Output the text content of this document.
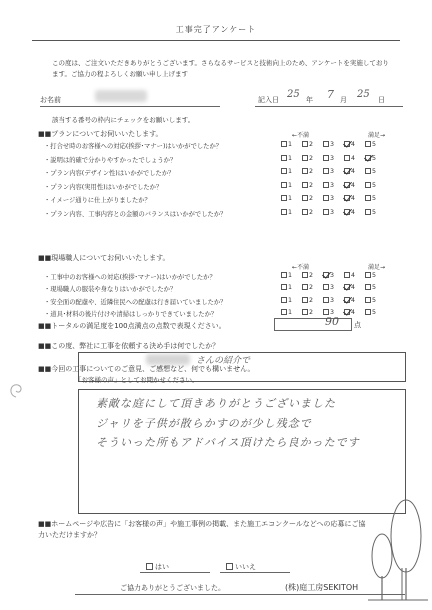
工事完了アンケート
この度は、ご注文いただきありがとうございます。さらなるサービスと技術向上のため、アンケートを実施しております。ご協力の程よろしくお願い申し上げます
お名前	記入日 25 年 7 月 25 日
該当する番号の枠内にチェックをお願いします。
■■プランについてお伺いいたします。	←不満	満足→
・打合せ時のお客様への対応(挨拶･マナー)はいかがでしたか？	1	2	3	4	5
・説明は的確で分かりやすかったでしょうか？	1	2	3	4	5
・プラン内容(デザイン性)はいかがでしたか？	1	2	3	4	5
・プラン内容(実用性)はいかがでしたか？	1	2	3	4	5
・イメージ通りに仕上がりましたか？	1	2	3	4	5
・プラン内容、工事内容との金額のバランスはいかがでしたか？	1	2	3	4	5
■■現場職人についてお伺いいたします。
←不満	満足→
・工事中のお客様への対応(挨拶･マナー)はいかがでしたか？	1	2	3	4	5
・現場職人の服装や身なりはいかがでしたか？	1	2	3	4	5
・安全面の配慮や、近隣住民への配慮は行き届いていましたか？	1	2	3	4	5
・道具･材料の後片付けや清掃はしっかりできていましたか？	1	2	3	4	5
■■トータルの満足度を100点満点の点数で表現ください。	90 点
■■この度、弊社に工事を依頼する決め手は何でしたか？
さんの紹介で
■■今回の工事についてのご意見、ご感想など、何でも構いません。
「お客様の声」としてお聞かせください。
素敵な庭にして頂きありがとうございました
ジャリを子供が散らかすのが少し残念で
そういった所もアドバイス頂けたら良かったです
■■ホームページや広告に「お客様の声」や施工事例の掲載、また施工エコンクールなどへの応募にご協力いただけますか？
はい	いいえ
ご協力ありがとうございました。	(株)庭工房SEKITOH
